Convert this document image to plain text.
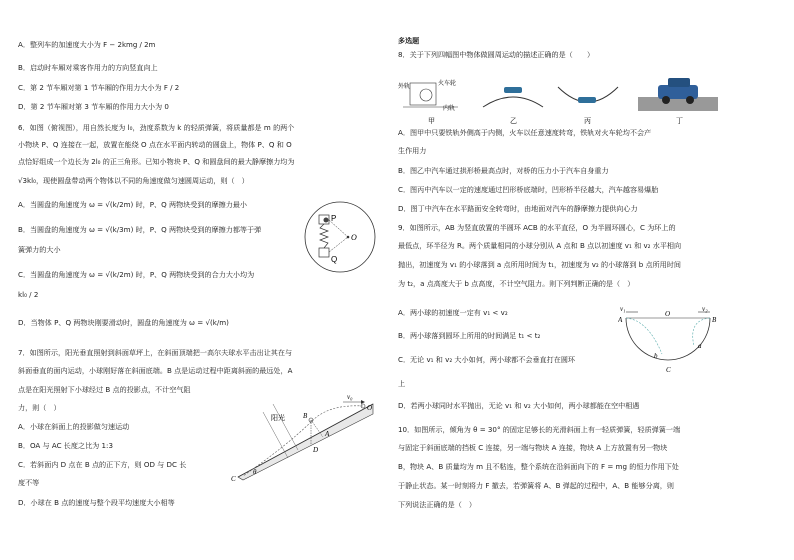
A．整列车的加速度大小为 F − 2kmg / 2m
B．启动时车厢对乘客作用力的方向竖直向上
C．第 2 节车厢对第 1 节车厢的作用力大小为 F / 2
D．第 2 节车厢对第 3 节车厢的作用力大小为 0
6．如图（俯视图），用自然长度为 l₀，劲度系数为 k 的轻质弹簧，将质量都是 m 的两个
小物块 P、Q 连接在一起，放置在能绕 O 点在水平面内转动的圆盘上，物体 P、Q 和 O
点恰好组成一个边长为 2l₀ 的正三角形。已知小物块 P、Q 和圆盘间的最大静摩擦力均为
√3kl₀，现使圆盘带动两个物体以不同的角速度做匀速圆周运动，则（　）
A．当圆盘的角速度为 ω = √(k/2m) 时，P、Q 两物块受到的摩擦力最小
B．当圆盘的角速度为 ω = √(k/3m) 时，P、Q 两物块受到的摩擦力都等于弹
簧弹力的大小
C．当圆盘的角速度为 ω = √(k/2m) 时，P、Q 两物块受到的合力大小均为
kl₀ / 2
D．当物体 P、Q 两物块刚要滑动时，圆盘的角速度为 ω = √(k/m)
P
Q
O
7．如图所示，阳光垂直照射到斜面草坪上，在斜面顶端把一高尔夫球水平击出让其在与
斜面垂直的面内运动，小球刚好落在斜面底端。B 点是运动过程中距离斜面的最远处，A
点是在阳光照射下小球经过 B 点的投影点，不计空气阻
力，则（　）
A．小球在斜面上的投影做匀速运动
B．OA 与 AC 长度之比为 1:3
C．若斜面内 D 点在 B 点的正下方，则 OD 与 DC 长
度不等
D．小球在 B 点的速度与整个段平均速度大小相等
阳光
v₀
O
B
A
D
C
θ
多选题
8．关于下列四幅图中物体做圆周运动的描述正确的是（　　）
外轨
内轨
火车轮
甲	乙	丙	丁
A．图甲中只要铁轨外侧高于内侧，火车以任意速度转弯，铁轨对火车轮均不会产
生作用力
B．图乙中汽车通过拱形桥最高点时，对桥的压力小于汽车自身重力
C．图丙中汽车以一定的速度通过凹形桥底端时，凹形桥半径越大，汽车越容易爆胎
D．图丁中汽车在水平路面安全转弯时，由地面对汽车的静摩擦力提供向心力
9．如图所示，AB 为竖直放置的半圆环 ACB 的水平直径，O 为半圆环圆心，C 为环上的
最低点，环半径为 R。两个质量相同的小球分别从 A 点和 B 点以初速度 v₁ 和 v₂ 水平相向
抛出，初速度为 v₁ 的小球落到 a 点所用时间为 t₁，初速度为 v₂ 的小球落到 b 点所用时间
为 t₂，a 点高度大于 b 点高度，不计空气阻力。则下列判断正确的是（　）
A．两小球的初速度一定有 v₁ < v₂
B．两小球落到圆环上所用的时间满足 t₁ < t₂
C．无论 v₁ 和 v₂ 大小如何，两小球都不会垂直打在圆环
上
D．若两小球同时水平抛出，无论 v₁ 和 v₂ 大小如何，两小球都能在空中相遇
v₁	v₂
A
O
B
a
b
C
10．如图所示，倾角为 θ = 30° 的固定足够长的光滑斜面上有一轻质弹簧，轻质弹簧一端
与固定于斜面底端的挡板 C 连接，另一端与物块 A 连接，物块 A 上方放置有另一物块
B，物块 A、B 质量均为 m 且不粘连，整个系统在沿斜面向下的 F = mg 的恒力作用下处
于静止状态。某一时刻将力 F 撤去，若弹簧将 A、B 弹起的过程中，A、B 能够分离，则
下列说法正确的是（　）
